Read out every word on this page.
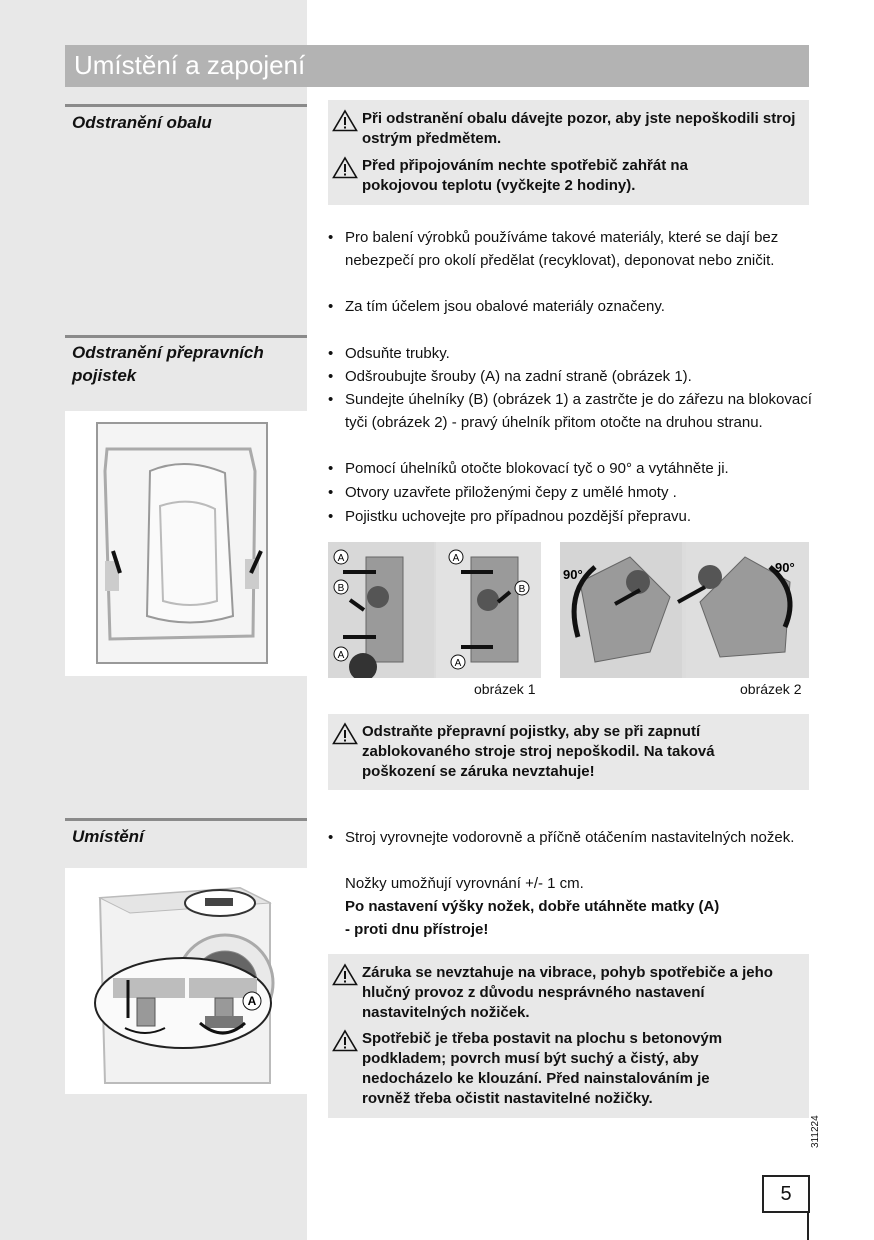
Umístění a zapojení
Odstranění obalu	Při odstranění obalu dávejte pozor, aby jste nepoškodili stroj ostrým předmětem.
Před připojováním nechte spotřebič zahřát na pokojovou teplotu (vyčkejte 2 hodiny).
• Pro balení výrobků používáme takové materiály, které se dají bez nebezpečí pro okolí předělat (recyklovat), deponovat nebo zničit.
• Za tím účelem jsou obalové materiály označeny.
Odstranění přepravních pojistek
• Odsuňte trubky.
• Odšroubujte šrouby (A) na zadní straně (obrázek 1).
• Sundejte úhelníky (B) (obrázek 1) a zastrčte je do zářezu na blokovací tyči (obrázek 2) - pravý úhelník přitom otočte na druhou stranu.
• Pomocí úhelníků otočte blokovací tyč o 90° a vytáhněte ji.
• Otvory uzavřete přiloženými čepy z umělé hmoty .
• Pojistku uchovejte pro případnou pozdější přepravu.
A
B
A
A
B
A
obrázek 1
90°	90°
obrázek 2
Odstraňte přepravní pojistky, aby se při zapnutí zablokovaného stroje stroj nepoškodil. Na taková poškození se záruka nevztahuje!
Umístění
A
• Stroj vyrovnejte vodorovně a příčně otáčením nastavitelných nožek.
Nožky umožňují vyrovnání +/- 1 cm.
Po nastavení výšky nožek, dobře utáhněte matky (A)
- proti dnu přístroje!
Záruka se nevztahuje na vibrace, pohyb spotřebiče a jeho hlučný provoz z důvodu nesprávného nastavení nastavitelných nožiček.
Spotřebič je třeba postavit na plochu s betonovým podkladem; povrch musí být suchý a čistý, aby nedocházelo ke klouzání. Před nainstalováním je rovněž třeba očistit nastavitelné nožičky.
311224
5
